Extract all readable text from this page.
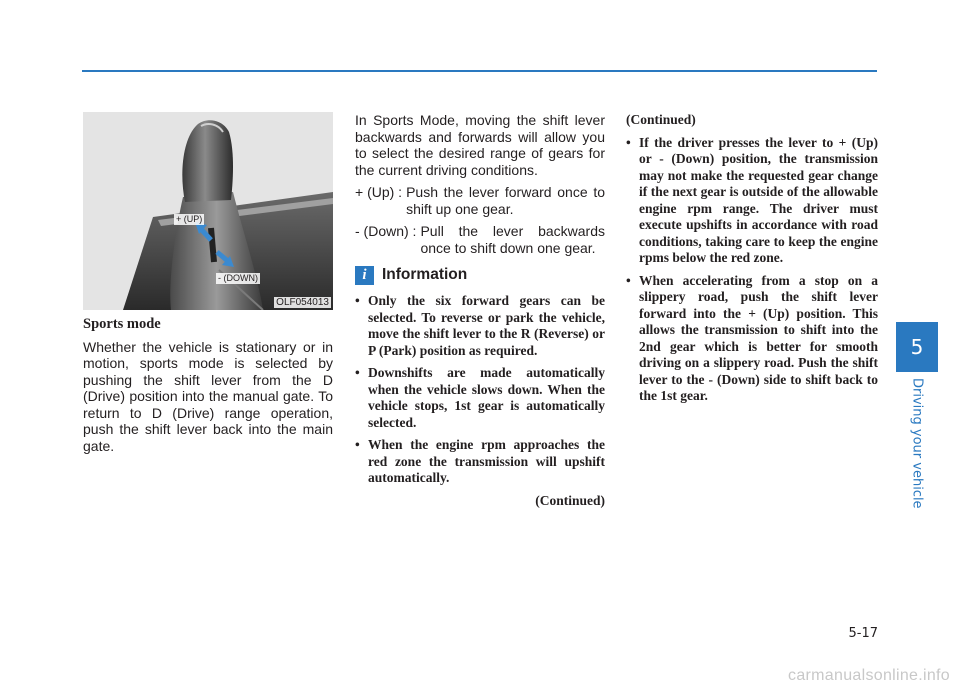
5
Driving your vehicle
+ (UP)
- (DOWN)
OLF054013
Sports mode

Whether the vehicle is stationary or in motion, sports mode is selected by pushing the shift lever from the D (Drive) position into the manual gate. To return to D (Drive) range operation, push the shift lever back into the main gate.

In Sports Mode, moving the shift lever backwards and forwards will allow you to select the desired range of gears for the current driving conditions.

+ (Up) : Push the lever forward once to shift up one gear.
- (Down) : Pull the lever backwards once to shift down one gear.
i Information
• Only the six forward gears can be selected. To reverse or park the vehicle, move the shift lever to the R (Reverse) or P (Park) position as required.
• Downshifts are made automatically when the vehicle slows down. When the vehicle stops, 1st gear is automatically selected.
• When the engine rpm approaches the red zone the transmission will upshift automatically.
(Continued)
(Continued)
• If the driver presses the lever to + (Up) or - (Down) position, the transmission may not make the requested gear change if the next gear is outside of the allowable engine rpm range. The driver must execute upshifts in accordance with road conditions, taking care to keep the engine rpms below the red zone.
• When accelerating from a stop on a slippery road, push the shift lever forward into the + (Up) position. This allows the transmission to shift into the 2nd gear which is better for smooth driving on a slippery road. Push the shift lever to the - (Down) side to shift back to the 1st gear.
5-17
carmanualsonline.info
